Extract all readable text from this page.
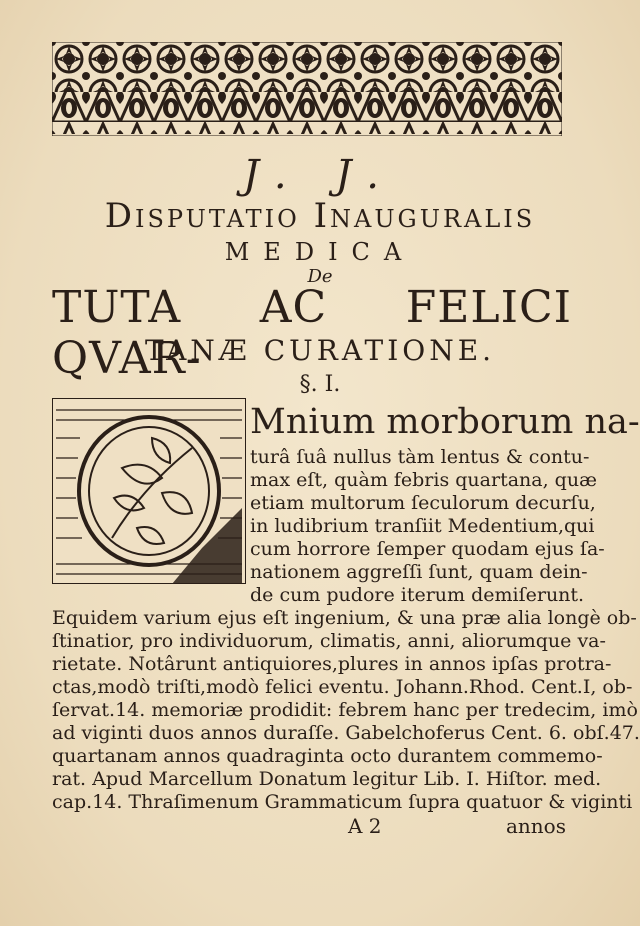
J. J.
Disputatio Inauguralis
MEDICA
De
TUTA AC FELICI QVAR-
TANÆ CURATIONE.
§. I.
Mnium morborum na-
turâ ſuâ nullus tàm lentus & contu-
max eſt, quàm febris quartana, quæ
etiam multorum ſeculorum decurſu,
in ludibrium tranſiit Medentium,qui
cum horrore ſemper quodam ejus ſa-
nationem aggreſſi ſunt, quam dein-
de cum pudore iterum demiſerunt.
Equidem varium ejus eſt ingenium, & una præ alia longè ob-
ſtinatior, pro individuorum, climatis, anni, aliorumque va-
rietate. Notârunt antiquiores,plures in annos ipſas protra-
ctas,modò triſti,modò felici eventu. Johann.Rhod. Cent.I, ob-
ſervat.14. memoriæ prodidit: febrem hanc per tredecim, imò
ad viginti duos annos duraſſe. Gabelchoferus Cent. 6. obſ.47.
quartanam annos quadraginta octo durantem commemo-
rat. Apud Marcellum Donatum legitur Lib. I. Hiſtor. med.
cap.14. Thraſimenum Grammaticum ſupra quatuor & viginti
A 2	annos
